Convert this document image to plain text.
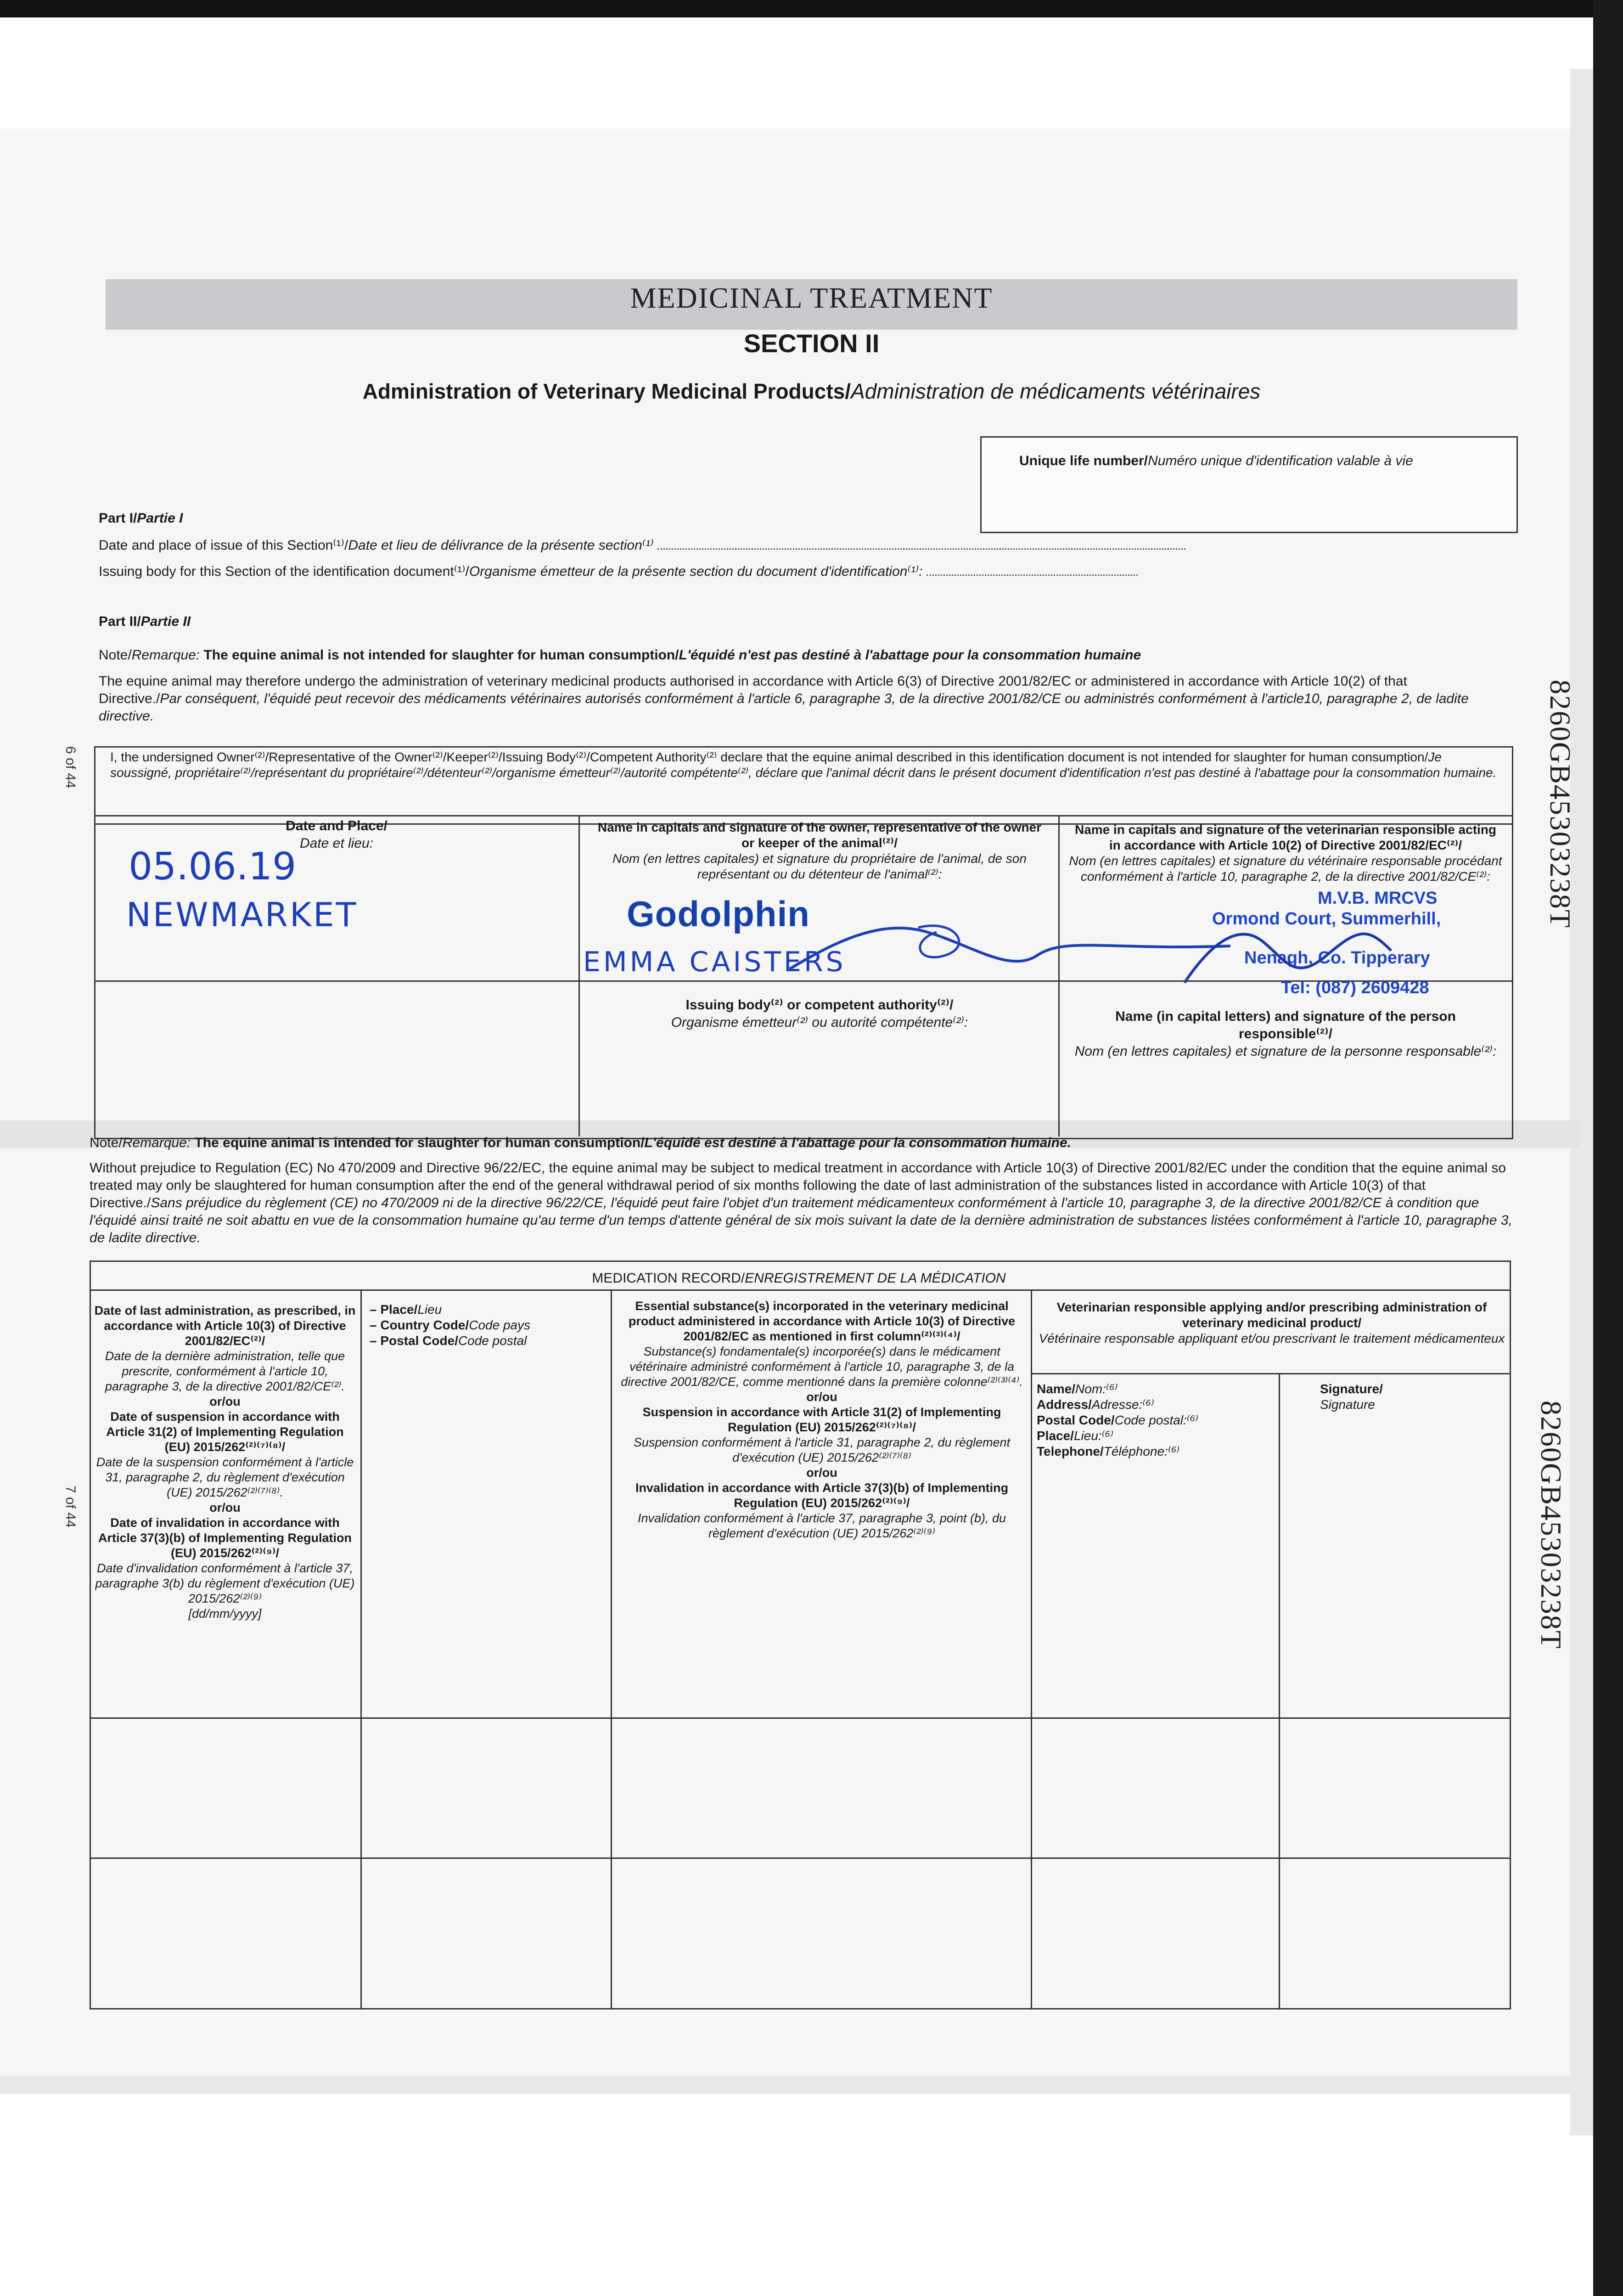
MEDICINAL TREATMENT
SECTION II
Administration of Veterinary Medicinal Products/Administration de médicaments vétérinaires
Unique life number/Numéro unique d'identification valable à vie
Part I/Partie I
Date and place of issue of this Section⁽¹⁾/Date et lieu de délivrance de la présente section⁽¹⁾
Issuing body for this Section of the identification document⁽¹⁾/Organisme émetteur de la présente section du document d'identification⁽¹⁾:
Part II/Partie II
Note/Remarque: The equine animal is not intended for slaughter for human consumption/L'équidé n'est pas destiné à l'abattage pour la consommation humaine
The equine animal may therefore undergo the administration of veterinary medicinal products authorised in accordance with Article 6(3) of Directive 2001/82/EC or administered in accordance with Article 10(2) of that Directive./Par conséquent, l'équidé peut recevoir des médicaments vétérinaires autorisés conformément à l'article 6, paragraphe 3, de la directive 2001/82/CE ou administrés conformément à l'article10, paragraphe 2, de ladite directive.
I, the undersigned Owner⁽²⁾/Representative of the Owner⁽²⁾/Keeper⁽²⁾/Issuing Body⁽²⁾/Competent Authority⁽²⁾ declare that the equine animal described in this identification document is not intended for slaughter for human consumption/Je soussigné, propriétaire⁽²⁾/représentant du propriétaire⁽²⁾/détenteur⁽²⁾/organisme émetteur⁽²⁾/autorité compétente⁽²⁾, déclare que l'animal décrit dans le présent document d'identification n'est pas destiné à l'abattage pour la consommation humaine.
Date and Place/
Date et lieu:
05.06.19
NEWMARKET
Name in capitals and signature of the owner, representative of the owner or keeper of the animal⁽²⁾/
Nom (en lettres capitales) et signature du propriétaire de l'animal, de son représentant ou du détenteur de l'animal⁽²⁾:
Godolphin
EMMA CAISTERS
Name in capitals and signature of the veterinarian responsible acting in accordance with Article 10(2) of Directive 2001/82/EC⁽²⁾/
Nom (en lettres capitales) et signature du vétérinaire responsable procédant conformément à l'article 10, paragraphe 2, de la directive 2001/82/CE⁽²⁾:
M.V.B. MRCVS
Ormond Court, Summerhill,
Nenagh, Co. Tipperary
Tel: (087) 2609428
Issuing body⁽²⁾ or competent authority⁽²⁾/
Organisme émetteur⁽²⁾ ou autorité compétente⁽²⁾:	Name (in capital letters) and signature of the person responsible⁽²⁾/
Nom (en lettres capitales) et signature de la personne responsable⁽²⁾:
6 of 44
7 of 44
8260GB45303238T
8260GB45303238T
Note/Remarque: The equine animal is intended for slaughter for human consumption/L'équidé est destiné à l'abattage pour la consommation humaine.
Without prejudice to Regulation (EC) No 470/2009 and Directive 96/22/EC, the equine animal may be subject to medical treatment in accordance with Article 10(3) of Directive 2001/82/EC under the condition that the equine animal so treated may only be slaughtered for human consumption after the end of the general withdrawal period of six months following the date of last administration of the substances listed in accordance with Article 10(3) of that Directive./Sans préjudice du règlement (CE) no 470/2009 ni de la directive 96/22/CE, l'équidé peut faire l'objet d'un traitement médicamenteux conformément à l'article 10, paragraphe 3, de la directive 2001/82/CE à condition que l'équidé ainsi traité ne soit abattu en vue de la consommation humaine qu'au terme d'un temps d'attente général de six mois suivant la date de la dernière administration de substances listées conformément à l'article 10, paragraphe 3, de ladite directive.
MEDICATION RECORD/ENREGISTREMENT DE LA MÉDICATION
Date of last administration, as prescribed, in accordance with Article 10(3) of Directive 2001/82/EC⁽²⁾/
Date de la dernière administration, telle que prescrite, conformément à l'article 10, paragraphe 3, de la directive 2001/82/CE⁽²⁾.
or/ou
Date of suspension in accordance with Article 31(2) of Implementing Regulation (EU) 2015/262⁽²⁾⁽⁷⁾⁽⁸⁾/
Date de la suspension conformément à l'article 31, paragraphe 2, du règlement d'exécution (UE) 2015/262⁽²⁾⁽⁷⁾⁽⁸⁾.
or/ou
Date of invalidation in accordance with Article 37(3)(b) of Implementing Regulation (EU) 2015/262⁽²⁾⁽⁹⁾/
Date d'invalidation conformément à l'article 37, paragraphe 3(b) du règlement d'exécution (UE) 2015/262⁽²⁾⁽⁹⁾
[dd/mm/yyyy]
– Place/Lieu
– Country Code/Code pays
– Postal Code/Code postal
Essential substance(s) incorporated in the veterinary medicinal product administered in accordance with Article 10(3) of Directive 2001/82/EC as mentioned in first column⁽²⁾⁽³⁾⁽⁴⁾/
Substance(s) fondamentale(s) incorporée(s) dans le médicament vétérinaire administré conformément à l'article 10, paragraphe 3, de la directive 2001/82/CE, comme mentionné dans la première colonne⁽²⁾⁽³⁾⁽⁴⁾.
or/ou
Suspension in accordance with Article 31(2) of Implementing Regulation (EU) 2015/262⁽²⁾⁽⁷⁾⁽⁸⁾/
Suspension conformément à l'article 31, paragraphe 2, du règlement d'exécution (UE) 2015/262⁽²⁾⁽⁷⁾⁽⁸⁾
or/ou
Invalidation in accordance with Article 37(3)(b) of Implementing Regulation (EU) 2015/262⁽²⁾⁽⁹⁾/
Invalidation conformément à l'article 37, paragraphe 3, point (b), du règlement d'exécution (UE) 2015/262⁽²⁾⁽⁹⁾
Veterinarian responsible applying and/or prescribing administration of veterinary medicinal product/
Vétérinaire responsable appliquant et/ou prescrivant le traitement médicamenteux
Name/Nom:⁽⁶⁾
Address/Adresse:⁽⁶⁾
Postal Code/Code postal:⁽⁶⁾
Place/Lieu:⁽⁶⁾
Telephone/Téléphone:⁽⁶⁾
Signature/
Signature
